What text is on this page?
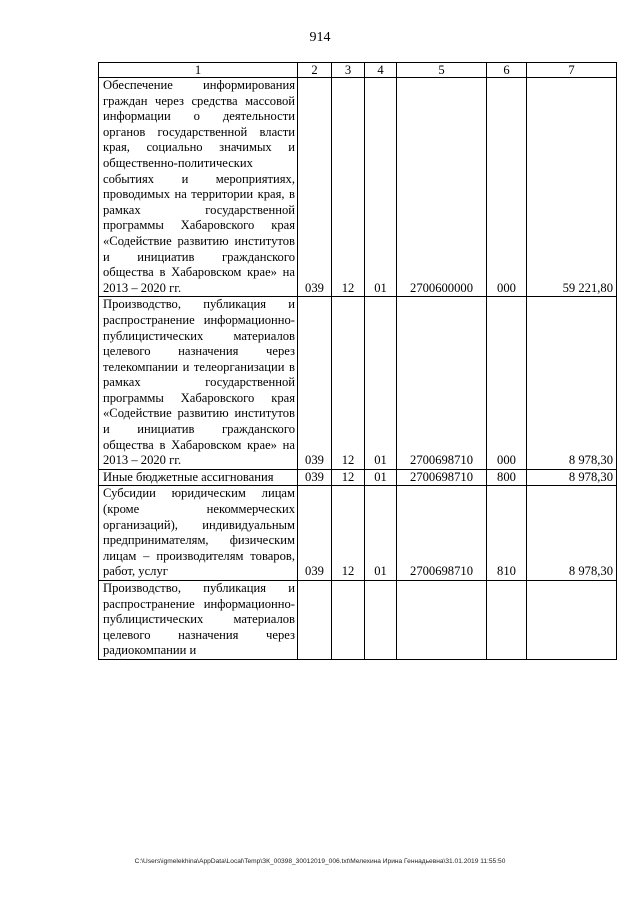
914
1	2	3	4	5	6	7
Обеспечение информирования граждан через средства массовой информации о деятельности органов государственной власти края, социально значимых и общественно-политических событиях и мероприятиях, проводимых на территории края, в рамках государственной программы Хабаровского края «Содействие развитию институтов и инициатив гражданского общества в Хабаровском крае» на 2013 – 2020 гг.	039	12	01	2700600000	000	59 221,80
Производство, публикация и распространение информационно-публицистических материалов целевого назначения через телекомпании и телеорганизации в рамках государственной программы Хабаровского края «Содействие развитию институтов и инициатив гражданского общества в Хабаровском крае» на 2013 – 2020 гг.	039	12	01	2700698710	000	8 978,30
Иные бюджетные ассигнования	039	12	01	2700698710	800	8 978,30
Субсидии юридическим лицам (кроме некоммерческих организаций), индивидуальным предпринимателям, физическим лицам – производителям товаров, работ, услуг	039	12	01	2700698710	810	8 978,30
Производство, публикация и распространение информационно-публицистических материалов целевого назначения через радиокомпании и						
C:\Users\igmelekhina\AppData\Local\Temp\ЗК_00398_30012019_006.txt\Мелехина Ирина Геннадьевна\31.01.2019 11:55:50
